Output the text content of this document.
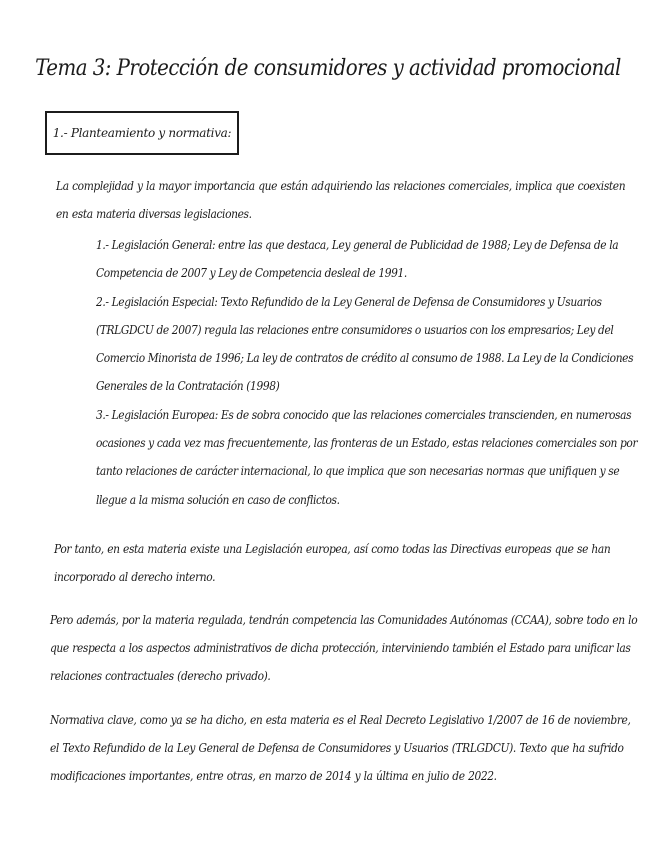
Tema 3: Protección de consumidores y actividad promocional
1.- Planteamiento y normativa:
La complejidad y la mayor importancia que están adquiriendo las relaciones comerciales, implica que coexisten en esta materia diversas legislaciones.

1.- Legislación General: entre las que destaca, Ley general de Publicidad de 1988; Ley de Defensa de la Competencia de 2007 y Ley de Competencia desleal de 1991.

2.- Legislación Especial: Texto Refundido de la Ley General de Defensa de Consumidores y Usuarios (TRLGDCU de 2007) regula las relaciones entre consumidores o usuarios con los empresarios; Ley del Comercio Minorista de 1996; La ley de contratos de crédito al consumo de 1988. La Ley de la Condiciones Generales de la Contratación (1998)

3.- Legislación Europea: Es de sobra conocido que las relaciones comerciales transcienden, en numerosas ocasiones y cada vez mas frecuentemente, las fronteras de un Estado, estas relaciones comerciales son por tanto relaciones de carácter internacional, lo que implica que son necesarias normas que unifiquen y se llegue a la misma solución en caso de conflictos.

Por tanto, en esta materia existe una Legislación europea, así como todas las Directivas europeas que se han incorporado al derecho interno.
Pero además, por la materia regulada, tendrán competencia las Comunidades Autónomas (CCAA), sobre todo en lo que respecta a los aspectos administrativos de dicha protección, interviniendo también el Estado para unificar las relaciones contractuales (derecho privado).
Normativa clave, como ya se ha dicho, en esta materia es el Real Decreto Legislativo 1/2007 de 16 de noviembre, el Texto Refundido de la Ley General de Defensa de Consumidores y Usuarios (TRLGDCU). Texto que ha sufrido modificaciones importantes, entre otras, en marzo de 2014 y la última en julio de 2022.
